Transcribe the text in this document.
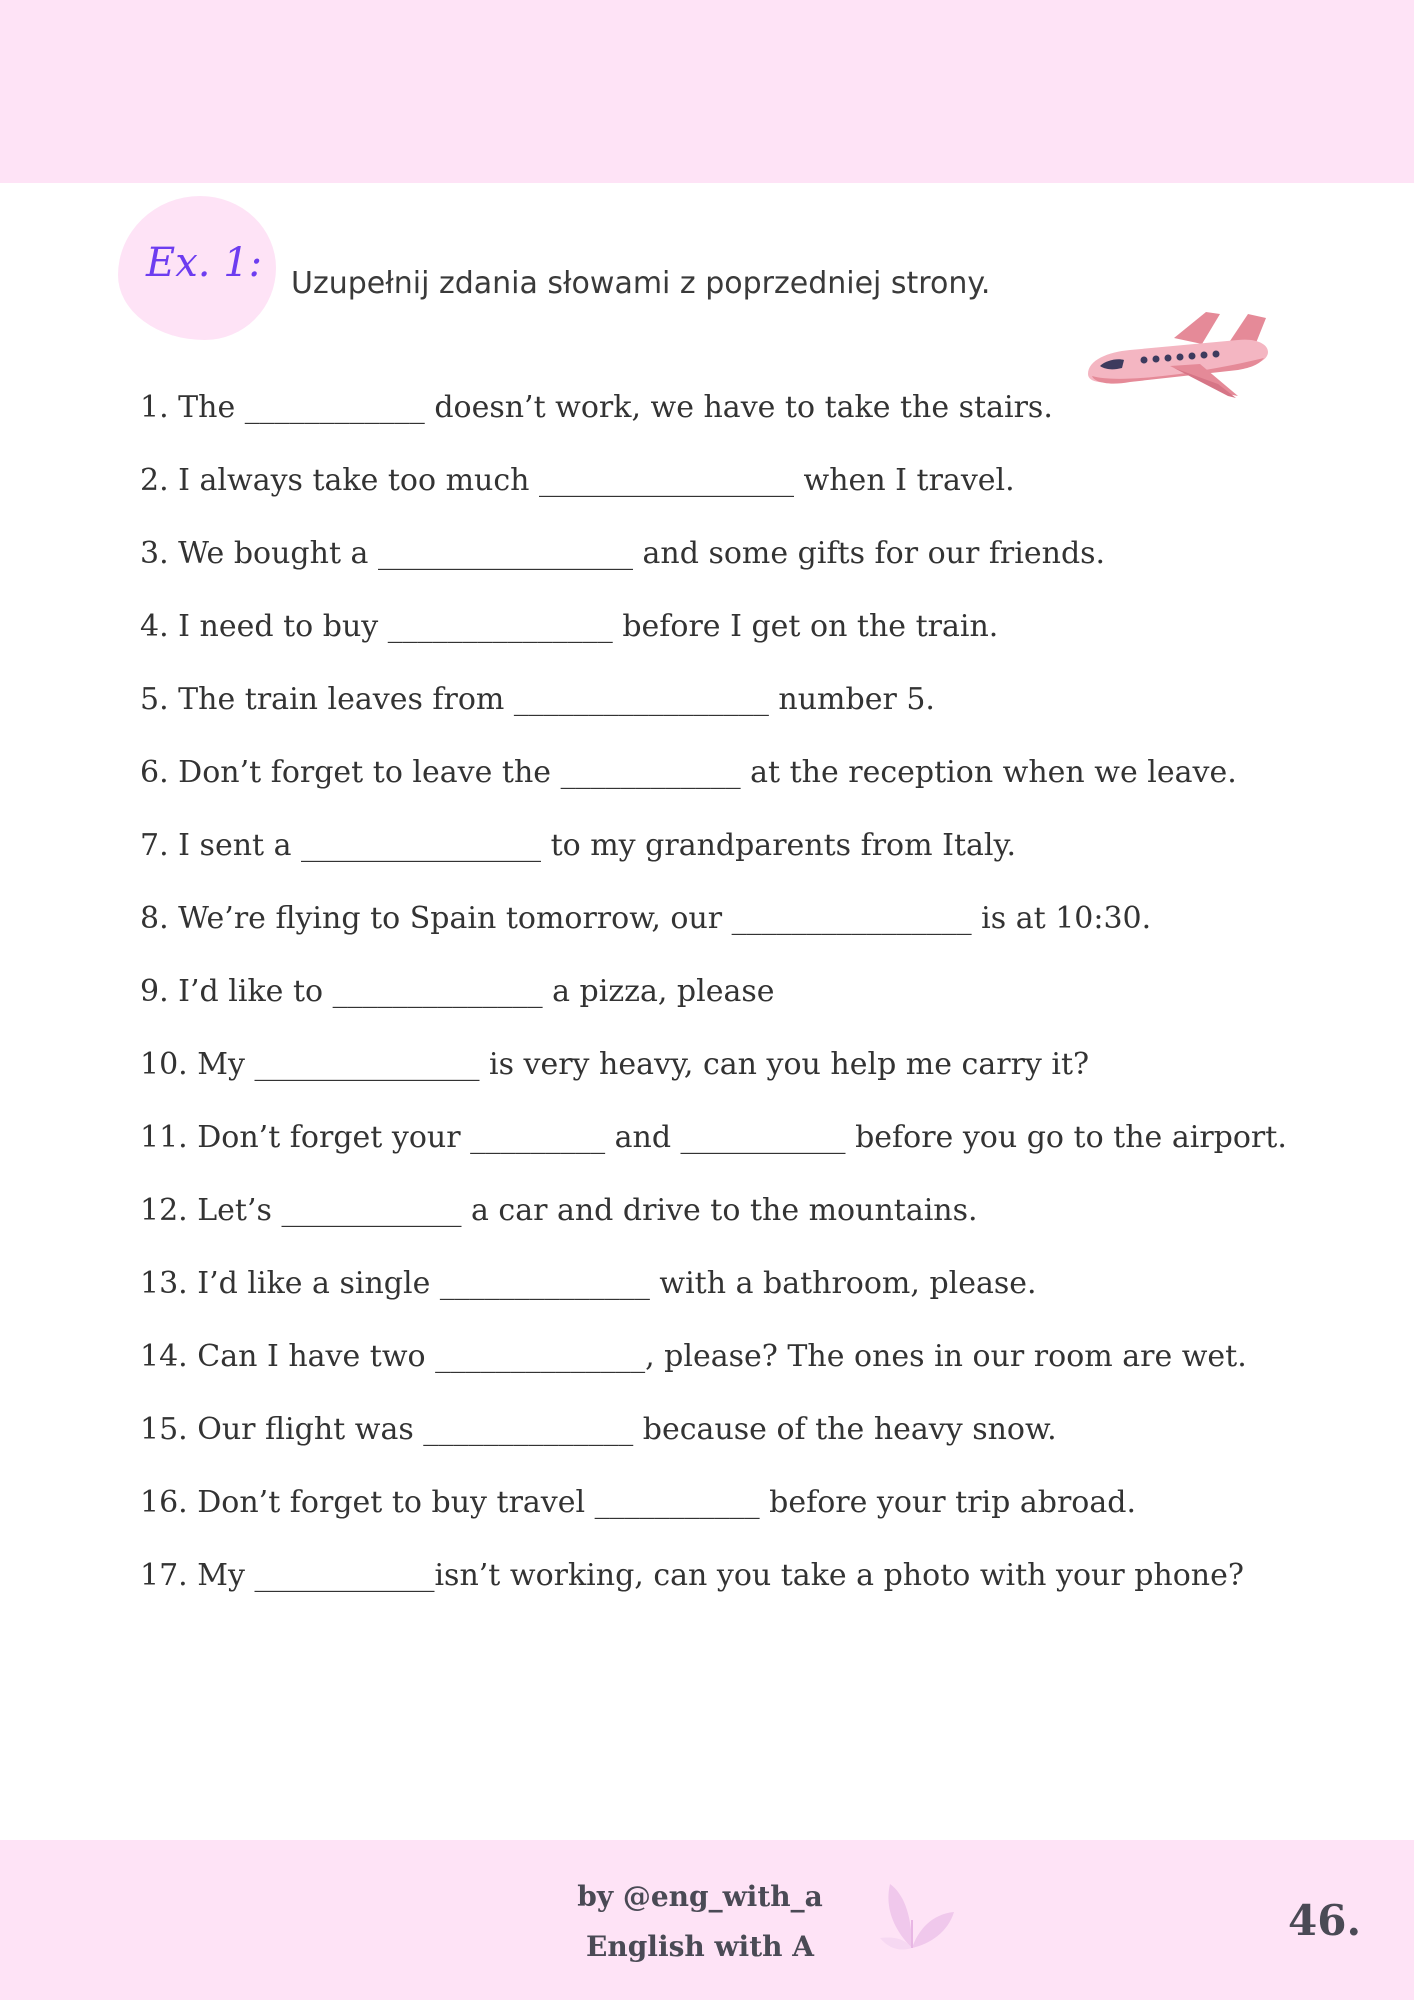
Ex. 1: Uzupełnij zdania słowami z poprzedniej strony.
1. The ____________ doesn’t work, we have to take the stairs.
2. I always take too much _________________ when I travel.
3. We bought a _________________ and some gifts for our friends.
4. I need to buy _______________ before I get on the train.
5. The train leaves from _________________ number 5.
6. Don’t forget to leave the ____________ at the reception when we leave.
7. I sent a ________________ to my grandparents from Italy.
8. We’re flying to Spain tomorrow, our ________________ is at 10:30.
9. I’d like to ______________ a pizza, please
10. My _______________ is very heavy, can you help me carry it?
11. Don’t forget your _________ and ___________ before you go to the airport.
12. Let’s ____________ a car and drive to the mountains.
13. I’d like a single ______________ with a bathroom, please.
14. Can I have two ______________, please? The ones in our room are wet.
15. Our flight was ______________ because of the heavy snow.
16. Don’t forget to buy travel ___________ before your trip abroad.
17. My ____________isn’t working, can you take a photo with your phone?
by @eng_with_a
English with A
46.
